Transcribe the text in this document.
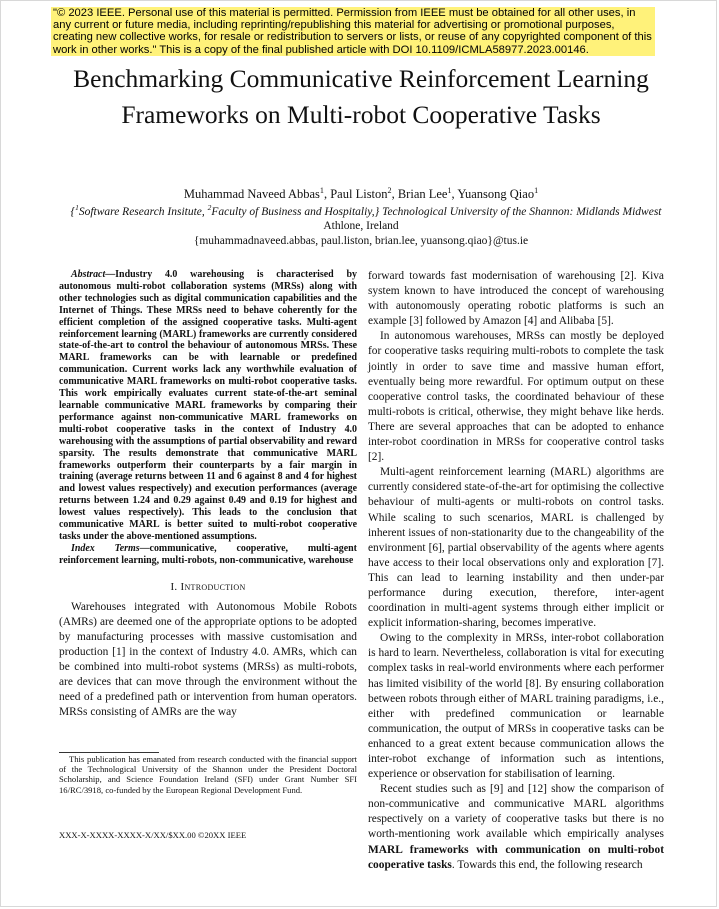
"© 2023 IEEE. Personal use of this material is permitted. Permission from IEEE must be obtained for all other uses, in any current or future media, including reprinting/republishing this material for advertising or promotional purposes, creating new collective works, for resale or redistribution to servers or lists, or reuse of any copyrighted component of this work in other works." This is a copy of the final published article with DOI 10.1109/ICMLA58977.2023.00146.
Benchmarking Communicative Reinforcement Learning Frameworks on Multi-robot Cooperative Tasks
Muhammad Naveed Abbas$^1$, Paul Liston$^2$, Brian Lee$^1$, Yuansong Qiao$^1$
{$^1$Software Research Insitute, $^2$Faculty of Business and Hospitaliy,} Technological University of the Shannon: Midlands Midwest
Athlone, Ireland
{muhammadnaveed.abbas, paul.liston, brian.lee, yuansong.qiao}@tus.ie

Abstract—Industry 4.0 warehousing is characterised by autonomous multi-robot collaboration systems (MRSs) along with other technologies such as digital communication capabilities and the Internet of Things. These MRSs need to behave coherently for the efficient completion of the assigned cooperative tasks. Multi-agent reinforcement learning (MARL) frameworks are currently considered state-of-the-art to control the behaviour of autonomous MRSs. These MARL frameworks can be with learnable or predefined communication. Current works lack any worthwhile evaluation of communicative MARL frameworks on multi-robot cooperative tasks. This work empirically evaluates current state-of-the-art seminal learnable communicative MARL frameworks by comparing their performance against non-communicative MARL frameworks on multi-robot cooperative tasks in the context of Industry 4.0 warehousing with the assumptions of partial observability and reward sparsity. The results demonstrate that communicative MARL frameworks outperform their counterparts by a fair margin in training (average returns between 11 and 6 against 8 and 4 for highest and lowest values respectively) and execution performances (average returns between 1.24 and 0.29 against 0.49 and 0.19 for highest and lowest values respectively). This leads to the conclusion that communicative MARL is better suited to multi-robot cooperative tasks under the above-mentioned assumptions.

Index Terms—communicative, cooperative, multi-agent reinforcement learning, multi-robots, non-communicative, warehouse

I. Introduction

Warehouses integrated with Autonomous Mobile Robots (AMRs) are deemed one of the appropriate options to be adopted by manufacturing processes with massive customisation and production [1] in the context of Industry 4.0. AMRs, which can be combined into multi-robot systems (MRSs) as multi-robots, are devices that can move through the environment without the need of a predefined path or intervention from human operators. MRSs consisting of AMRs are the way

This publication has emanated from research conducted with the financial support of the Technological University of the Shannon under the President Doctoral Scholarship, and Science Foundation Ireland (SFI) under Grant Number SFI 16/RC/3918, co-funded by the European Regional Development Fund.
XXX-X-XXXX-XXXX-X/XX/$XX.00 ©20XX IEEE

forward towards fast modernisation of warehousing [2]. Kiva system known to have introduced the concept of warehousing with autonomously operating robotic platforms is such an example [3] followed by Amazon [4] and Alibaba [5].

In autonomous warehouses, MRSs can mostly be deployed for cooperative tasks requiring multi-robots to complete the task jointly in order to save time and massive human effort, eventually being more rewardful. For optimum output on these cooperative control tasks, the coordinated behaviour of these multi-robots is critical, otherwise, they might behave like herds. There are several approaches that can be adopted to enhance inter-robot coordination in MRSs for cooperative control tasks [2].

Multi-agent reinforcement learning (MARL) algorithms are currently considered state-of-the-art for optimising the collective behaviour of multi-agents or multi-robots on control tasks. While scaling to such scenarios, MARL is challenged by inherent issues of non-stationarity due to the changeability of the environment [6], partial observability of the agents where agents have access to their local observations only and exploration [7]. This can lead to learning instability and then under-par performance during execution, therefore, inter-agent coordination in multi-agent systems through either implicit or explicit information-sharing, becomes imperative.

Owing to the complexity in MRSs, inter-robot collaboration is hard to learn. Nevertheless, collaboration is vital for executing complex tasks in real-world environments where each performer has limited visibility of the world [8]. By ensuring collaboration between robots through either of MARL training paradigms, i.e., either with predefined communication or learnable communication, the output of MRSs in cooperative tasks can be enhanced to a great extent because communication allows the inter-robot exchange of information such as intentions, experience or observation for stabilisation of learning.

Recent studies such as [9] and [12] show the comparison of non-communicative and communicative MARL algorithms respectively on a variety of cooperative tasks but there is no worth-mentioning work available which empirically analyses MARL frameworks with communication on multi-robot cooperative tasks. Towards this end, the following research
